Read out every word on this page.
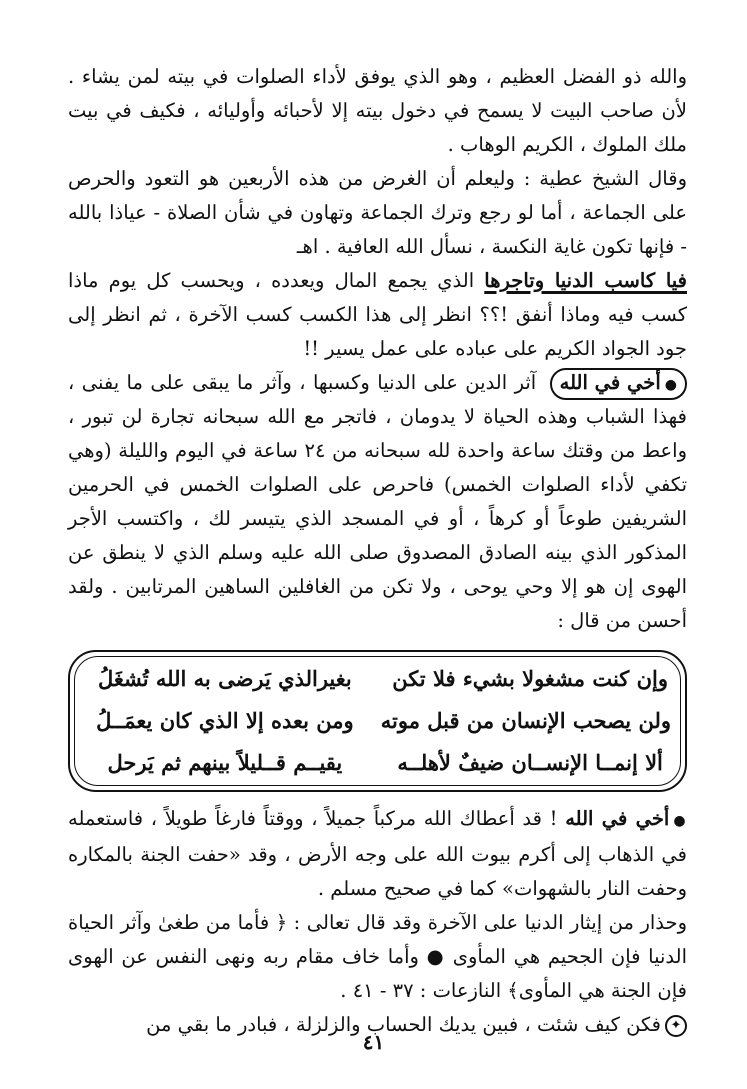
والله ذو الفضل العظيم ، وهو الذي يوفق لأداء الصلوات في بيته لمن يشاء . لأن صاحب البيت لا يسمح في دخول بيته إلا لأحبائه وأوليائه ، فكيف في بيت ملك الملوك ، الكريم الوهاب .

وقال الشيخ عطية : وليعلم أن الغرض من هذه الأربعين هو التعود والحرص على الجماعة ، أما لو رجع وترك الجماعة وتهاون في شأن الصلاة - عياذا بالله - فإنها تكون غاية النكسة ، نسأل الله العافية . اهـ

فيا كاسب الدنيا وتاجرها الذي يجمع المال ويعدده ، ويحسب كل يوم ماذا كسب فيه وماذا أنفق !؟؟ انظر إلى هذا الكسب كسب الآخرة ، ثم انظر إلى جود الجواد الكريم على عباده على عمل يسير !!

●أخي في الله آثر الدين على الدنيا وكسبها ، وآثر ما يبقى على ما يفنى ، فهذا الشباب وهذه الحياة لا يدومان ، فاتجر مع الله سبحانه تجارة لن تبور ، واعط من وقتك ساعة واحدة لله سبحانه من ٢٤ ساعة في اليوم والليلة (وهي تكفي لأداء الصلوات الخمس) فاحرص على الصلوات الخمس في الحرمين الشريفين طوعاً أو كرهاً ، أو في المسجد الذي يتيسر لك ، واكتسب الأجر المذكور الذي بينه الصادق المصدوق صلى الله عليه وسلم الذي لا ينطق عن الهوى إن هو إلا وحي يوحى ، ولا تكن من الغافلين الساهين المرتابين . ولقد أحسن من قال :

وإن كنت مشغولا بشيء فلا تكن
بغيرالذي يَرضى به الله تُشغَلُ
ولن يصحب الإنسان من قبل موته
ومن بعده إلا الذي كان يعمَــلُ
ألا إنمــا الإنســان ضيفٌ لأهلــه
يقيــم قــليلاً بينهم ثم يَرحل

●أخي في الله ! قد أعطاك الله مركباً جميلاً ، ووقتاً فارغاً طويلاً ، فاستعمله في الذهاب إلى أكرم بيوت الله على وجه الأرض ، وقد «حفت الجنة بالمكاره وحفت النار بالشهوات» كما في صحيح مسلم .

وحذار من إيثار الدنيا على الآخرة وقد قال تعالى : ﴿ فأما من طغىٰ وآثر الحياة الدنيا فإن الجحيم هي المأوى ● وأما خاف مقام ربه ونهى النفس عن الهوى فإن الجنة هي المأوى﴾ النازعات : ٣٧ - ٤١ .

✦فكن كيف شئت ، فبين يديك الحساب والزلزلة ، فبادر ما بقي من

٤١
